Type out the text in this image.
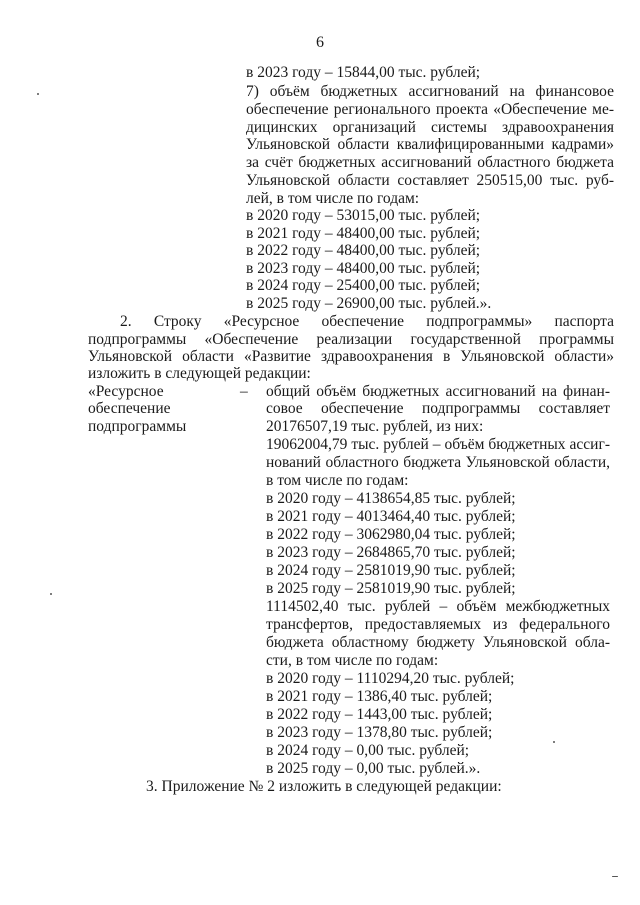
6
в 2023 году – 15844,00 тыс. рублей;
7) объём бюджетных ассигнований на финансовое
обеспечение регионального проекта «Обеспечение ме-
дицинских организаций системы здравоохранения
Ульяновской области квалифицированными кадрами»
за счёт бюджетных ассигнований областного бюджета
Ульяновской области составляет 250515,00 тыс. руб-
лей, в том числе по годам:
в 2020 году – 53015,00 тыс. рублей;
в 2021 году – 48400,00 тыс. рублей;
в 2022 году – 48400,00 тыс. рублей;
в 2023 году – 48400,00 тыс. рублей;
в 2024 году – 25400,00 тыс. рублей;
в 2025 году – 26900,00 тыс. рублей.».
2. Строку «Ресурсное обеспечение подпрограммы» паспорта
подпрограммы «Обеспечение реализации государственной программы
Ульяновской области «Развитие здравоохранения в Ульяновской области»
изложить в следующей редакции:
«Ресурсное
обеспечение
подпрограммы
–	общий объём бюджетных ассигнований на финан-
совое обеспечение подпрограммы составляет
20176507,19 тыс. рублей, из них:
19062004,79 тыс. рублей – объём бюджетных ассиг-
нований областного бюджета Ульяновской области,
в том числе по годам:
в 2020 году – 4138654,85 тыс. рублей;
в 2021 году – 4013464,40 тыс. рублей;
в 2022 году – 3062980,04 тыс. рублей;
в 2023 году – 2684865,70 тыс. рублей;
в 2024 году – 2581019,90 тыс. рублей;
в 2025 году – 2581019,90 тыс. рублей;
1114502,40 тыс. рублей – объём межбюджетных
трансфертов, предоставляемых из федерального
бюджета областному бюджету Ульяновской обла-
сти, в том числе по годам:
в 2020 году – 1110294,20 тыс. рублей;
в 2021 году – 1386,40 тыс. рублей;
в 2022 году – 1443,00 тыс. рублей;
в 2023 году – 1378,80 тыс. рублей;
в 2024 году – 0,00 тыс. рублей;
в 2025 году – 0,00 тыс. рублей.».
3. Приложение № 2 изложить в следующей редакции:
